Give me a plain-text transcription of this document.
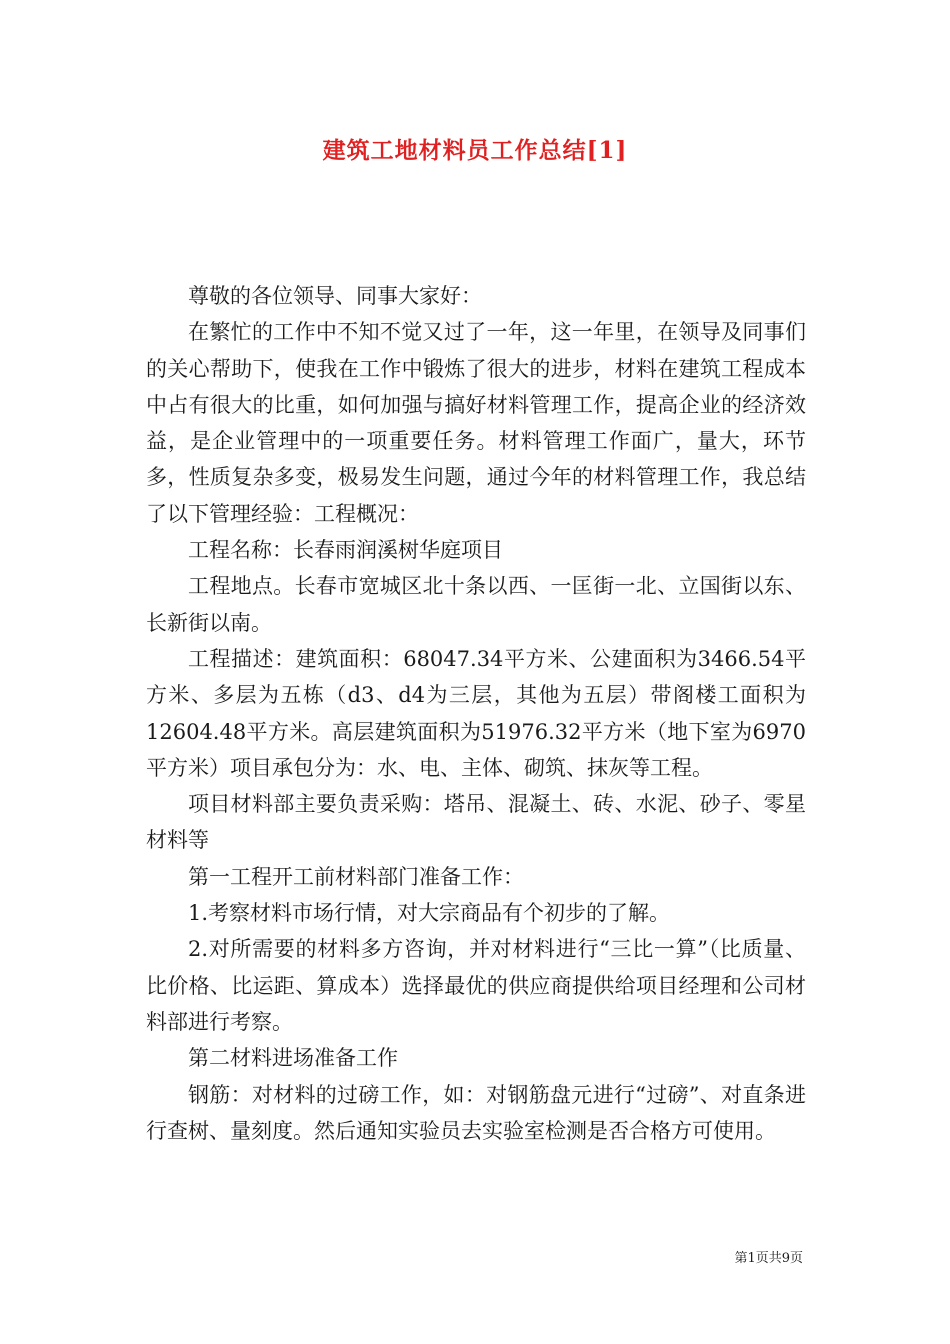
建筑工地材料员工作总结[1]

尊敬的各位领导、同事大家好：

在繁忙的工作中不知不觉又过了一年，这一年里，在领导及同事们的关心帮助下，使我在工作中锻炼了很大的进步，材料在建筑工程成本中占有很大的比重，如何加强与搞好材料管理工作，提高企业的经济效益，是企业管理中的一项重要任务。材料管理工作面广，量大，环节多，性质复杂多变，极易发生问题，通过今年的材料管理工作，我总结了以下管理经验：工程概况：

工程名称：长春雨润溪树华庭项目

工程地点。长春市宽城区北十条以西、一匡街一北、立国街以东、长新街以南。

工程描述：建筑面积：68047.34平方米、公建面积为3466.54平方米、多层为五栋（d3、d4为三层，其他为五层）带阁楼工面积为12604.48平方米。高层建筑面积为51976.32平方米（地下室为6970平方米）项目承包分为：水、电、主体、砌筑、抹灰等工程。

项目材料部主要负责采购：塔吊、混凝土、砖、水泥、砂子、零星材料等

第一工程开工前材料部门准备工作：

1.考察材料市场行情，对大宗商品有个初步的了解。

2.对所需要的材料多方咨询，并对材料进行“三比一算”（比质量、比价格、比运距、算成本）选择最优的供应商提供给项目经理和公司材料部进行考察。

第二材料进场准备工作

钢筋：对材料的过磅工作，如：对钢筋盘元进行“过磅”、对直条进行查树、量刻度。然后通知实验员去实验室检测是否合格方可使用。

第1页共9页
